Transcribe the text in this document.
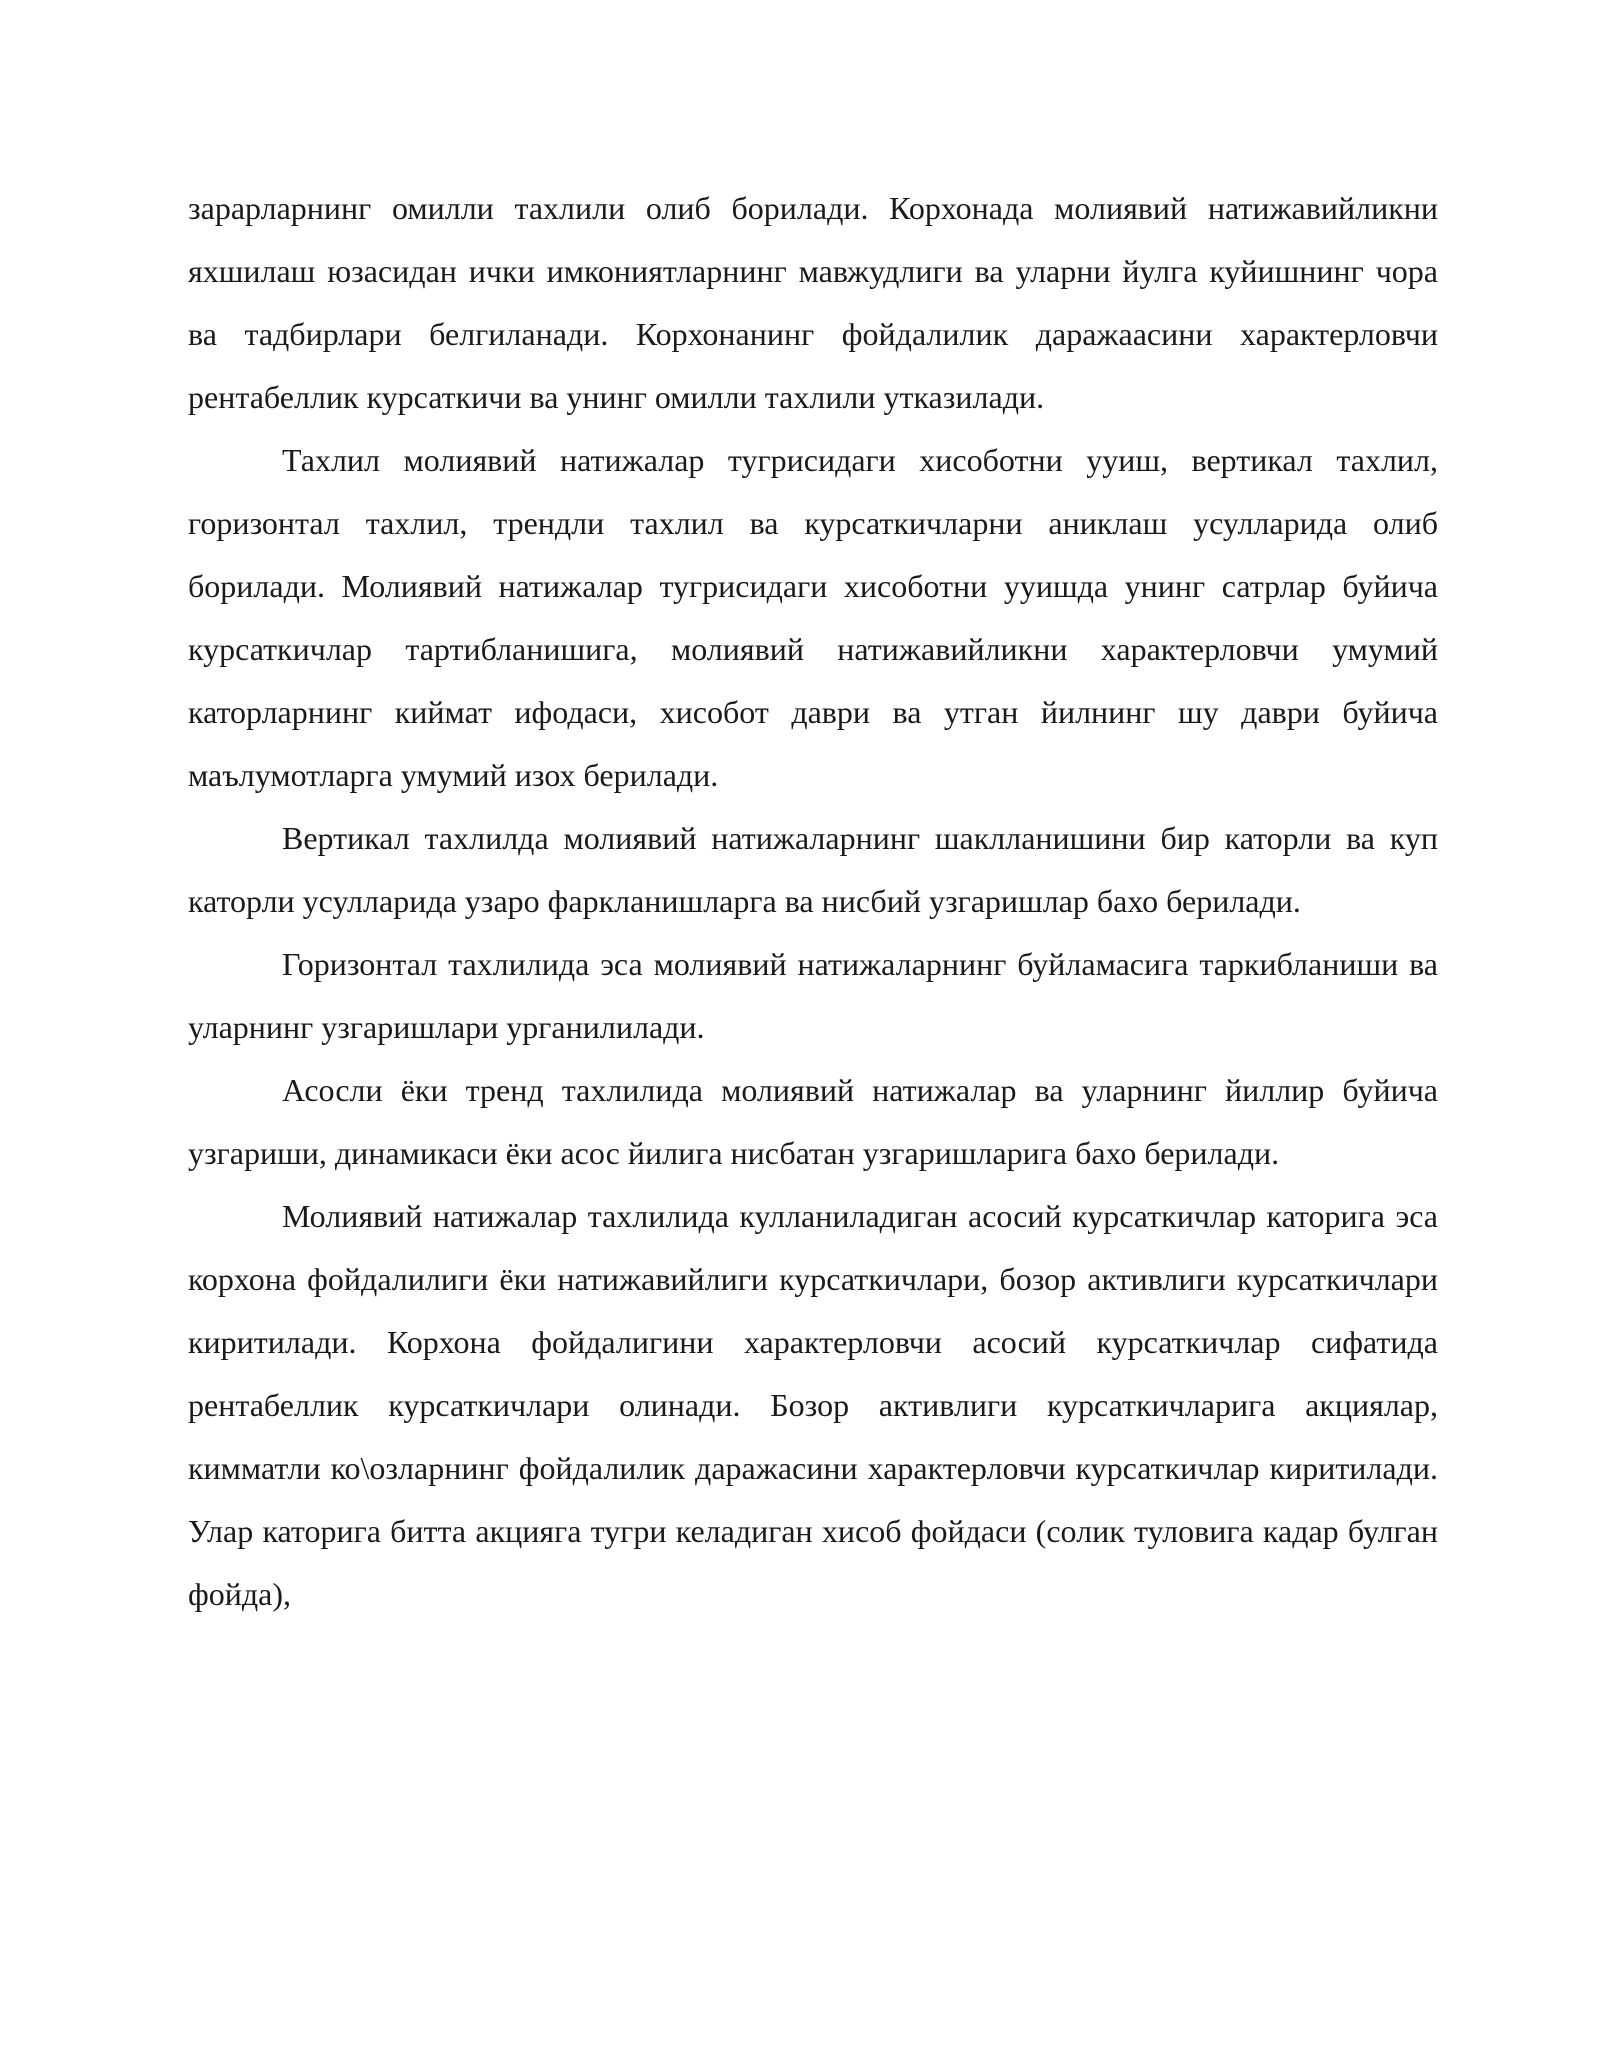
зарарларнинг омилли тахлили олиб борилади. Корхонада молиявий натижавийликни яхшилаш юзасидан ички имкониятларнинг мавжудлиги ва уларни йулга куйишнинг чора ва тадбирлари белгиланади. Корхонанинг фойдалилик даражаасини характерловчи рентабеллик курсаткичи ва унинг омилли тахлили утказилади.

Тахлил молиявий натижалар тугрисидаги хисоботни ууиш, вертикал тахлил, горизонтал тахлил, трендли тахлил ва курсаткичларни аниклаш усулларида олиб борилади. Молиявий натижалар тугрисидаги хисоботни ууишда унинг сатрлар буйича курсаткичлар тартибланишига, молиявий натижавийликни характерловчи умумий каторларнинг киймат ифодаси, хисобот даври ва утган йилнинг шу даври буйича маълумотларга умумий изох берилади.

Вертикал тахлилда молиявий натижаларнинг шаклланишини бир каторли ва куп каторли усулларида узаро фаркланишларга ва нисбий узгаришлар бахо берилади.

Горизонтал тахлилида эса молиявий натижаларнинг буйламасига таркибланиши ва уларнинг узгаришлари урганилилади.

Асосли ёки тренд тахлилида молиявий натижалар ва уларнинг йиллир буйича узгариши, динамикаси ёки асос йилига нисбатан узгаришларига бахо берилади.

Молиявий натижалар тахлилида кулланиладиган асосий курсаткичлар каторига эса корхона фойдалилиги ёки натижавийлиги курсаткичлари, бозор активлиги курсаткичлари киритилади. Корхона фойдалигини характерловчи асосий курсаткичлар сифатида рентабеллик курсаткичлари олинади. Бозор активлиги курсаткичларига акциялар, кимматли ко\озларнинг фойдалилик даражасини характерловчи курсаткичлар киритилади. Улар каторига битта акцияга тугри келадиган хисоб фойдаси (солик туловига кадар булган фойда),
